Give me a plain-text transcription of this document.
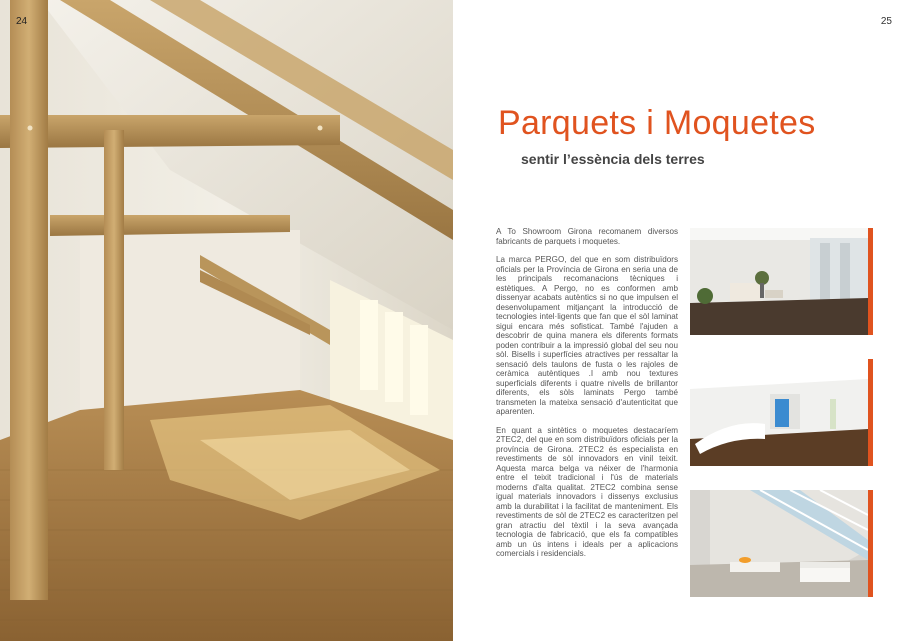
24	25
Parquets i Moquetes
sentir l’essència dels terres

A To Showroom Girona recomanem diversos fabricants de parquets i moquetes.

La marca PERGO, del que en som distribuïdors oficials per la Província de Girona en seria una de les principals recomanacions tècniques i estètiques. A Pergo, no es conformen amb dissenyar acabats autèntics si no que impulsen el desenvolupament mitjançant la introducció de tecnologies intel·ligents que fan que el sòl laminat sigui encara més sofisticat. També l'ajuden a descobrir de quina manera els diferents formats poden contribuir a la impressió global del seu nou sòl. Bisells i superfícies atractives per ressaltar la sensació dels taulons de fusta o les rajoles de ceràmica autèntiques .I amb nou textures superficials diferents i quatre nivells de brillantor diferents, els sòls laminats Pergo també transmeten la mateixa sensació d'autenticitat que aparenten.

En quant a sintètics o moquetes destacaríem 2TEC2, del que en som distribuïdors oficials per la província de Girona. 2TEC2 és especialista en revestiments de sòl innovadors en vinil teixit. Aquesta marca belga va néixer de l'harmonia entre el teixit tradicional i l'ús de materials moderns d'alta qualitat. 2TEC2 combina sense igual materials innovadors i dissenys exclusius amb la durabilitat i la facilitat de manteniment. Els revestiments de sòl de 2TEC2 es caracteritzen pel gran atractiu del tèxtil i la seva avançada tecnologia de fabricació, que els fa compatibles amb un ús intens i ideals per a aplicacions comercials i residencials.
